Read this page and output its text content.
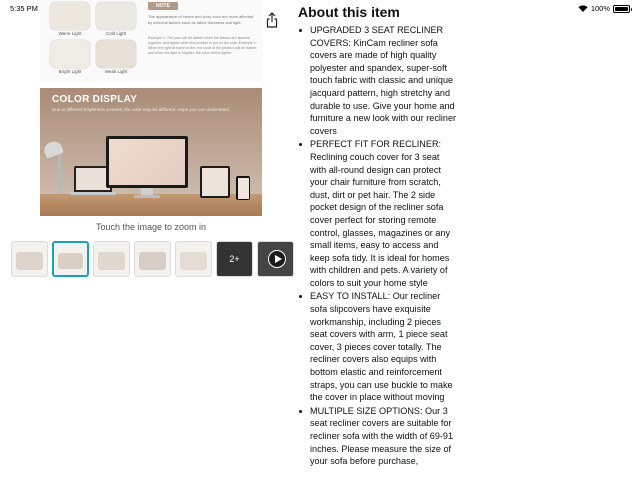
5:35 PM	100%
Warm Light	Cold Light
Bright Light	Weak Light
NOTE
The appearance of cream and ivory color are more affected by external factors such as fabric thickness and light.
Example 1: The yarn will be darker when the fabrics are stacked together, and lighter when the product is put on the sofa. Example 2: When the light at home is dim, the color of the product will be darker, and when the light is brighter, the color will be lighter.
COLOR DISPLAY
Due to different brightness screens, the color may be different. Hope you can understand.
Touch the image to zoom in
2+
About this item
UPGRADED 3 SEAT RECLINER COVERS: KinCam recliner sofa covers are made of high quality polyester and spandex, super-soft touch fabric with classic and unique jacquard pattern, high stretchy and durable to use. Give your home and furniture a new look with our recliner covers
PERFECT FIT FOR RECLINER: Reclining couch cover for 3 seat with all-round design can protect your chair furniture from scratch, dust, dirt or pet hair. The 2 side pocket design of the recliner sofa cover perfect for storing remote control, glasses, magazines or any small items, easy to access and keep sofa tidy. It is ideal for homes with children and pets. A variety of colors to suit your home style
EASY TO INSTALL: Our recliner sofa slipcovers have exquisite workmanship, including 2 pieces seat covers with arm, 1 piece seat cover, 3 pieces cover totally. The recliner covers also equips with bottom elastic and reinforcement straps, you can use buckle to make the cover in place without moving
MULTIPLE SIZE OPTIONS: Our 3 seat recliner covers are suitable for recliner sofa with the width of 69-91 inches. Please measure the size of your sofa before purchase,
